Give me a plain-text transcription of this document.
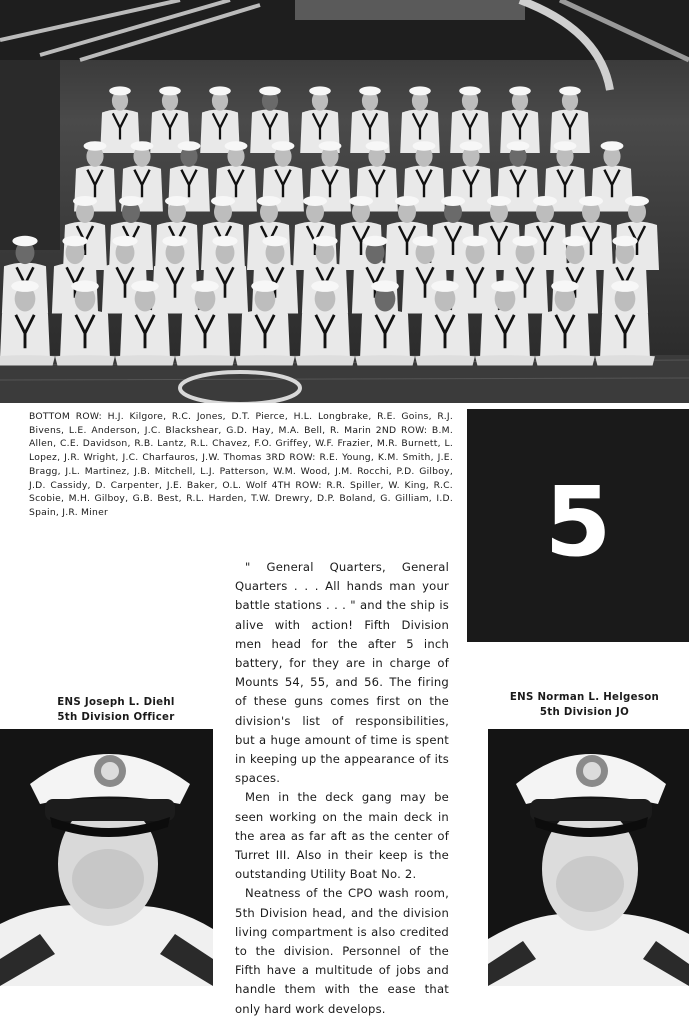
BOTTOM ROW: H.J. Kilgore, R.C. Jones, D.T. Pierce, H.L. Longbrake, R.E. Goins, R.J. Bivens, L.E. Anderson, J.C. Blackshear, G.D. Hay, M.A. Bell, R. Marin 2ND ROW: B.M. Allen, C.E. Davidson, R.B. Lantz, R.L. Chavez, F.O. Griffey, W.F. Frazier, M.R. Burnett, L. Lopez, J.R. Wright, J.C. Charfauros, J.W. Thomas 3RD ROW: R.E. Young, K.M. Smith, J.E. Bragg, J.L. Martinez, J.B. Mitchell, L.J. Patterson, W.M. Wood, J.M. Rocchi, P.D. Gilboy, J.D. Cassidy, D. Carpenter, J.E. Baker, O.L. Wolf 4TH ROW: R.R. Spiller, W. King, R.C. Scobie, M.H. Gilboy, G.B. Best, R.L. Harden, T.W. Drewry, D.P. Boland, G. Gilliam, I.D. Spain, J.R. Miner	5

" General Quarters, General Quarters . . . All hands man your battle stations . . . " and the ship is alive with action! Fifth Division men head for the after 5 inch battery, for they are in charge of Mounts 54, 55, and 56. The firing of these guns comes first on the division's list of responsibilities, but a huge amount of time is spent in keeping up the appearance of its spaces.

Men in the deck gang may be seen working on the main deck in the area as far aft as the center of Turret III. Also in their keep is the outstanding Utility Boat No. 2.

Neatness of the CPO wash room, 5th Division head, and the division living compartment is also credited to the division. Personnel of the Fifth have a multitude of jobs and handle them with the ease that only hard work develops.

ENS Joseph L. Diehl
5th Division Officer
ENS Norman L. Helgeson
5th Division JO
